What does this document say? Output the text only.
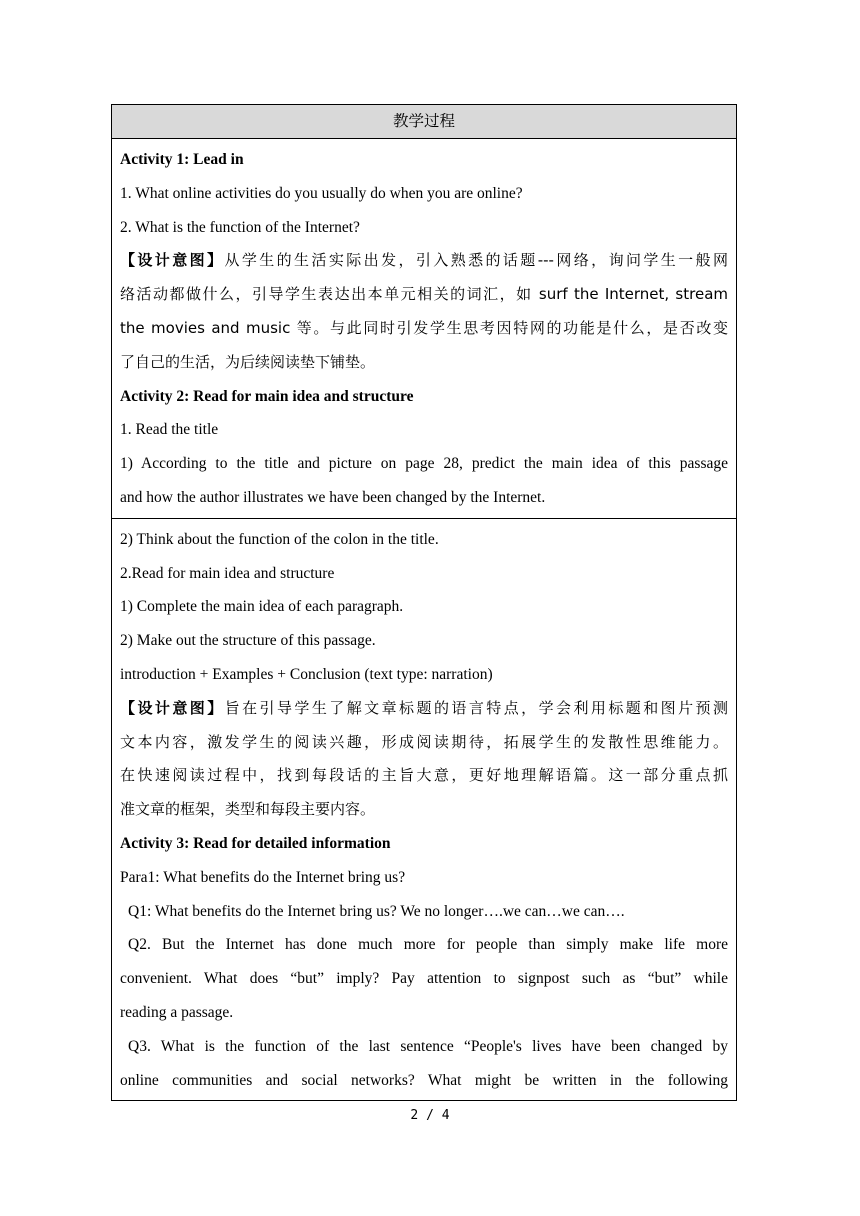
教学过程

Activity 1: Lead in
1. What online activities do you usually do when you are online?
2. What is the function of the Internet?
【设计意图】从学生的生活实际出发，引入熟悉的话题---网络，询问学生一般网
络活动都做什么，引导学生表达出本单元相关的词汇，如 surf the Internet, stream
the movies and music 等。与此同时引发学生思考因特网的功能是什么，是否改变
了自己的生活，为后续阅读垫下铺垫。
Activity 2: Read for main idea and structure
1. Read the title
1) According to the title and picture on page 28, predict the main idea of this passage
and how the author illustrates we have been changed by the Internet.

2) Think about the function of the colon in the title.
2.Read for main idea and structure
1) Complete the main idea of each paragraph.
2) Make out the structure of this passage.
introduction + Examples + Conclusion (text type: narration)
【设计意图】旨在引导学生了解文章标题的语言特点，学会利用标题和图片预测
文本内容，激发学生的阅读兴趣，形成阅读期待，拓展学生的发散性思维能力。
在快速阅读过程中，找到每段话的主旨大意，更好地理解语篇。这一部分重点抓
准文章的框架，类型和每段主要内容。
Activity 3: Read for detailed information
Para1: What benefits do the Internet bring us?
Q1: What benefits do the Internet bring us? We no longer….we can…we can….
Q2. But the Internet has done much more for people than simply make life more
convenient. What does “but” imply? Pay attention to signpost such as “but” while
reading a passage.
Q3. What is the function of the last sentence “People's lives have been changed by
online communities and social networks? What might be written in the following
2 / 4
